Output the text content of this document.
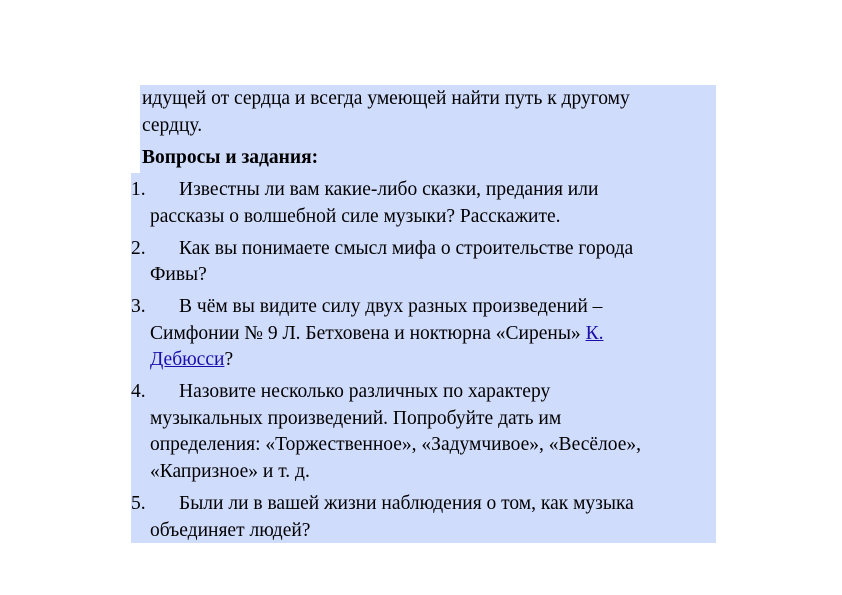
идущей от сердца и всегда умеющей найти путь к другому
сердцу.
Вопросы и задания:
1. Известны ли вам какие-либо сказки, предания или
рассказы о волшебной силе музыки? Расскажите.
2. Как вы понимаете смысл мифа о строительстве города
Фивы?
3. В чём вы видите силу двух разных произведений –
Симфонии № 9 Л. Бетховена и ноктюрна «Сирены» К.
Дебюсси?
4. Назовите несколько различных по характеру
музыкальных произведений. Попробуйте дать им
определения: «Торжественное», «Задумчивое», «Весёлое»,
«Капризное» и т. д.
5. Были ли в вашей жизни наблюдения о том, как музыка
объединяет людей?
